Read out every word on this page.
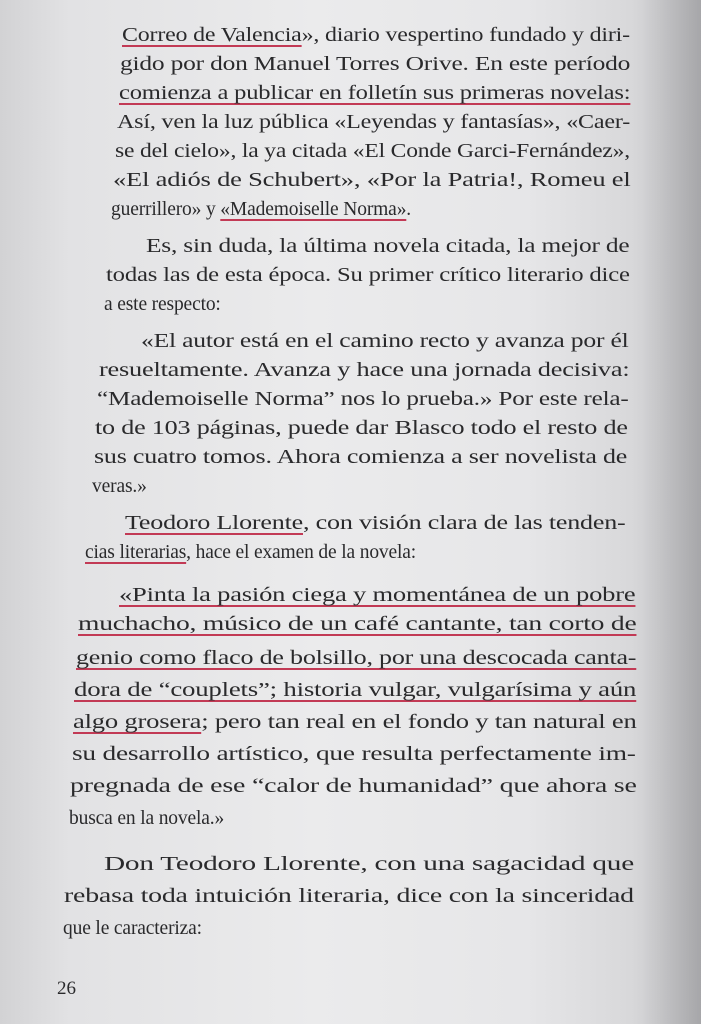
Correo de Valencia», diario vespertino fundado y diri-
gido por don Manuel Torres Orive. En este período
comienza a publicar en folletín sus primeras novelas:
Así, ven la luz pública «Leyendas y fantasías», «Caer-
se del cielo», la ya citada «El Conde Garci-Fernández»,
«El adiós de Schubert», «Por la Patria!, Romeu el
guerrillero» y «Mademoiselle Norma».
Es, sin duda, la última novela citada, la mejor de
todas las de esta época. Su primer crítico literario dice
a este respecto:
«El autor está en el camino recto y avanza por él
resueltamente. Avanza y hace una jornada decisiva:
“Mademoiselle Norma” nos lo prueba.» Por este rela-
to de 103 páginas, puede dar Blasco todo el resto de
sus cuatro tomos. Ahora comienza a ser novelista de
veras.»
Teodoro Llorente, con visión clara de las tenden-
cias literarias, hace el examen de la novela:
«Pinta la pasión ciega y momentánea de un pobre
muchacho, músico de un café cantante, tan corto de
genio como flaco de bolsillo, por una descocada canta-
dora de “couplets”; historia vulgar, vulgarísima y aún
algo grosera; pero tan real en el fondo y tan natural en
su desarrollo artístico, que resulta perfectamente im-
pregnada de ese “calor de humanidad” que ahora se
busca en la novela.»
Don Teodoro Llorente, con una sagacidad que
rebasa toda intuición literaria, dice con la sinceridad
que le caracteriza:
26
